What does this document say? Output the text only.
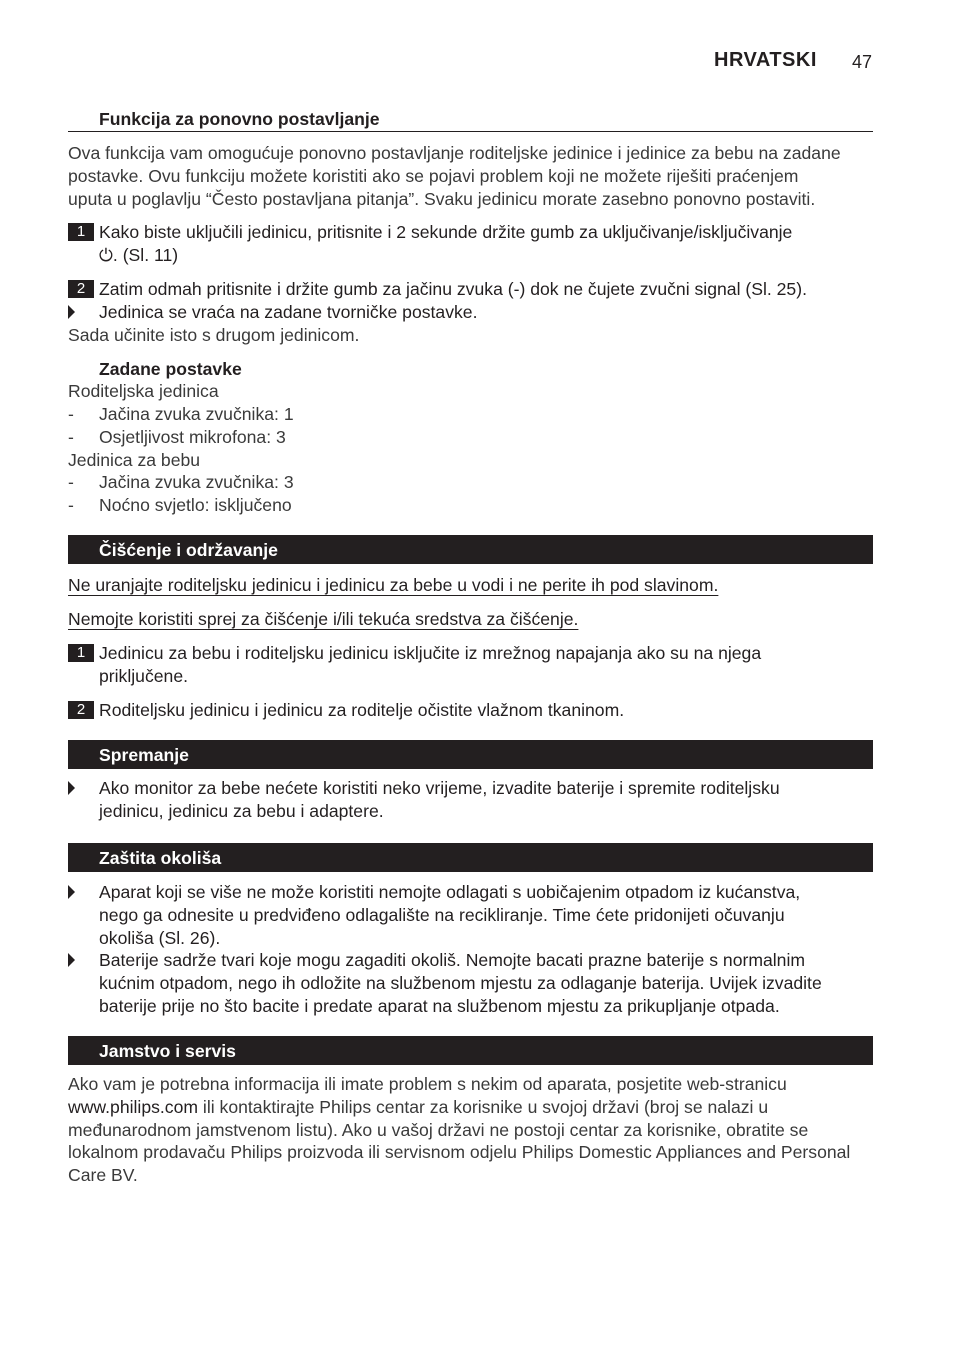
HRVATSKI 47
Funkcija za ponovno postavljanje
Ova funkcija vam omogućuje ponovno postavljanje roditeljske jedinice i jedinice za bebu na zadane
postavke. Ovu funkciju možete koristiti ako se pojavi problem koji ne možete riješiti praćenjem
uputa u poglavlju “Često postavljana pitanja”. Svaku jedinicu morate zasebno ponovno postaviti.
1 Kako biste uključili jedinicu, pritisnite i 2 sekunde držite gumb za uključivanje/isključivanje
⏻. (Sl. 11)
2 Zatim odmah pritisnite i držite gumb za jačinu zvuka (-) dok ne čujete zvučni signal (Sl. 25).
Jedinica se vraća na zadane tvorničke postavke.
Sada učinite isto s drugom jedinicom.
Zadane postavke
Roditeljska jedinica
- Jačina zvuka zvučnika: 1
- Osjetljivost mikrofona: 3
Jedinica za bebu
- Jačina zvuka zvučnika: 3
- Noćno svjetlo: isključeno
Čišćenje i održavanje
Ne uranjajte roditeljsku jedinicu i jedinicu za bebe u vodi i ne perite ih pod slavinom.
Nemojte koristiti sprej za čišćenje i/ili tekuća sredstva za čišćenje.
1 Jedinicu za bebu i roditeljsku jedinicu isključite iz mrežnog napajanja ako su na njega
priključene.
2 Roditeljsku jedinicu i jedinicu za roditelje očistite vlažnom tkaninom.
Spremanje
Ako monitor za bebe nećete koristiti neko vrijeme, izvadite baterije i spremite roditeljsku
jedinicu, jedinicu za bebu i adaptere.
Zaštita okoliša
Aparat koji se više ne može koristiti nemojte odlagati s uobičajenim otpadom iz kućanstva,
nego ga odnesite u predviđeno odlagalište na recikliranje. Time ćete pridonijeti očuvanju
okoliša (Sl. 26).
Baterije sadrže tvari koje mogu zagaditi okoliš. Nemojte bacati prazne baterije s normalnim
kućnim otpadom, nego ih odložite na službenom mjestu za odlaganje baterija. Uvijek izvadite
baterije prije no što bacite i predate aparat na službenom mjestu za prikupljanje otpada.
Jamstvo i servis
Ako vam je potrebna informacija ili imate problem s nekim od aparata, posjetite web-stranicu
www.philips.com ili kontaktirajte Philips centar za korisnike u svojoj državi (broj se nalazi u
međunarodnom jamstvenom listu). Ako u vašoj državi ne postoji centar za korisnike, obratite se
lokalnom prodavaču Philips proizvoda ili servisnom odjelu Philips Domestic Appliances and Personal
Care BV.
